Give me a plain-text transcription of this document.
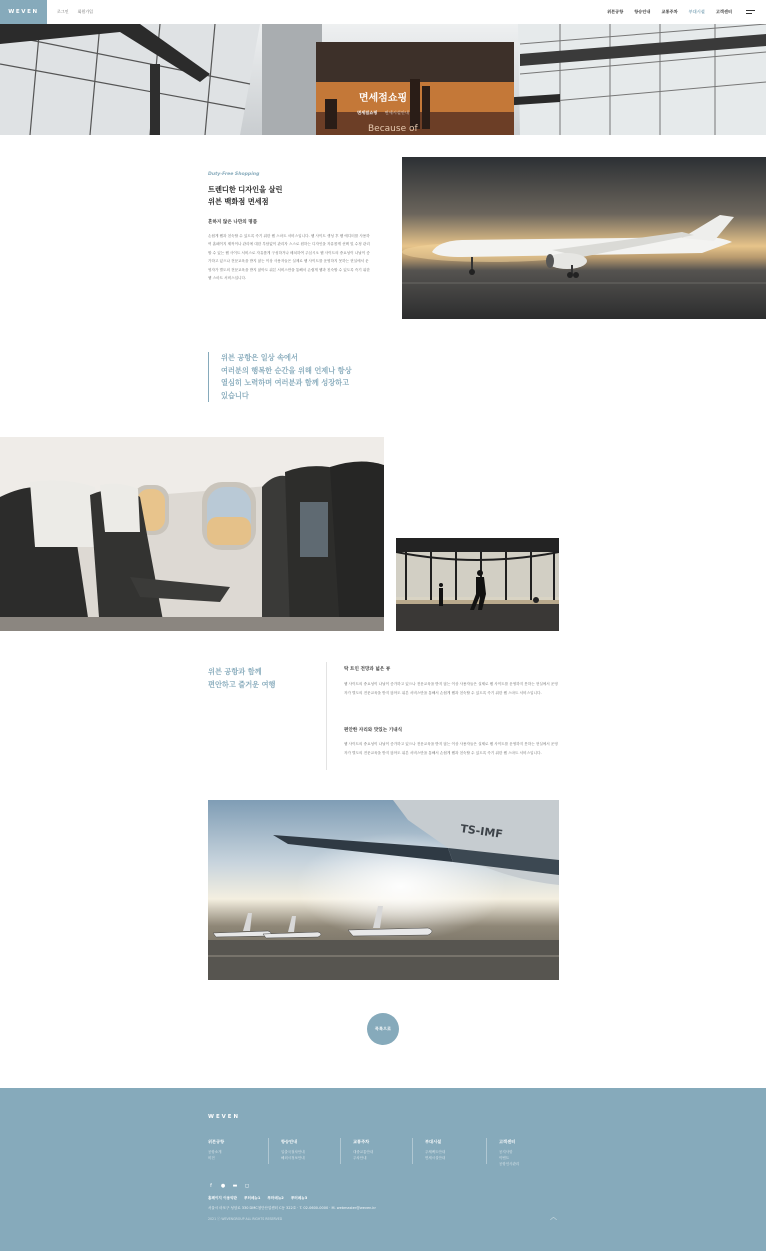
WEVEN	로그인 회원가입	위븐공항	항승안내	교통주차	부대시설	고객센터
Because of
면세점쇼핑
면세점쇼핑 면세시설안내
Duty-Free Shopping
트렌디한 디자인을 살린
위븐 백화점 면세점
흔하지 않은 나만의 명품
손쉽게 웹과 친숙할 수 있도록 즉기 위한 웹 스마트 서비스입니다. 웹 사이트 생성 후 웹 에디터를 사용하여 홈페이지 제작이나 관리에 대한 부담없이 관리자 스스로 원하는 디자인을 자유롭게 선택 및 수정 관리할 수 있는 웹 사이트 서비스로 자유롭게 구성하거나 배치하여 주십시오 웹 사이트의 중요성이 나날이 증가하고 있으나 전문교육을 받지 않는 이상 사용자들은 실제로 웹 사이트를 운영하지 못하는 현실에서 운영자가 별도의 전문교육을 받지 않아도 위븐 서비스만을 통해서 손쉽게 웹과 친숙할 수 있도록 즉기 위한 웹 스마트 서비스입니다.
위븐 공항은 일상 속에서
여러분의 행복한 순간을 위해 언제나 항상
열심히 노력하며 여러분과 함께 성장하고
있습니다
위븐 공항과 함께
편안하고 즐거운 여행
탁 트인 전망과 넓은 뷰
웹 사이트의 중요성이 나날이 증가하고 있으나 전문교육을 받지 않는 이상 사용자들은 실제로 웹 사이트를 운영하지 못하는 현실에서 운영자가 별도의 전문교육을 받지 않아도 위븐 서비스만을 통해서 손쉽게 웹과 친숙할 수 있도록 즉기 위한 웹 스마트 서비스입니다.
편안한 자리와 맛있는 기내식
웹 사이트의 중요성이 나날이 증가하고 있으나 전문교육을 받지 않는 이상 사용자들은 실제로 웹 사이트를 운영하지 못하는 현실에서 운영자가 별도의 전문교육을 받지 않아도 위븐 서비스만을 통해서 손쉽게 웹과 친숙할 수 있도록 즉기 위한 웹 스마트 서비스입니다.
TS-IMF
목록으로
WEVEN
위븐공항
공항소개
비전
항승안내
입출국절차안내
해외시정보안내
교통주차
대중교통안내
주차안내
부대시설
주체팩트안내
면세시설안내
고객센터
공지사항
이벤트
공항인사관리
f	● ▬ ◻
홈페이지 이용약관 푸터메뉴1 푸터메뉴2 푸터메뉴3
서울시 마포구 성암로 330 DMC첨단산업센터 C동 322호 · T. 02-0600-0000 · M. webmaster@weven.kr
2021 ⓒ WEVENGROUP ALL RIGHTS RESERVED	︿
